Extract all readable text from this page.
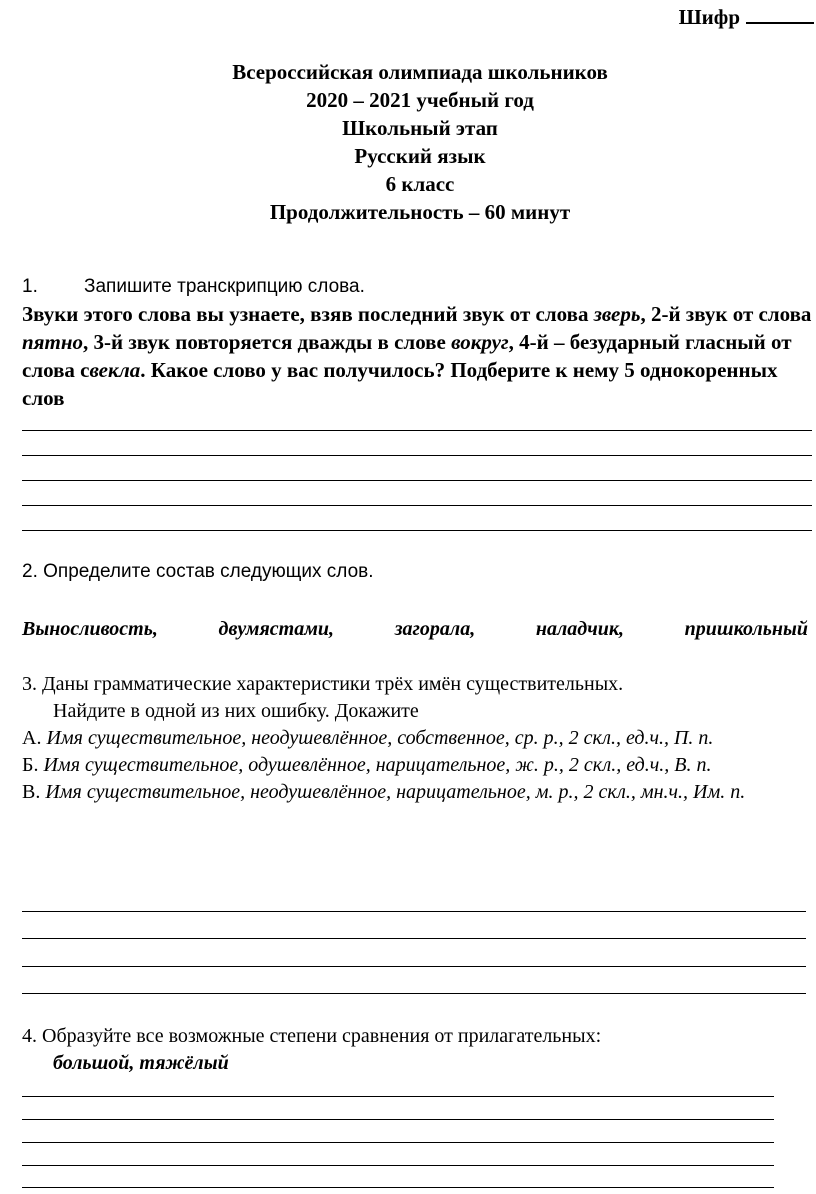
Шифр
Всероссийская олимпиада школьников
2020 – 2021 учебный год
Школьный этап
Русский язык
6 класс
Продолжительность – 60 минут
1. Запишите транскрипцию слова.
Звуки этого слова вы узнаете, взяв последний звук от слова зверь, 2-й звук от слова пятно, 3-й звук повторяется дважды в слове вокруг, 4-й – безударный гласный от слова свекла. Какое слово у вас получилось? Подберите к нему 5 однокоренных слов
2. Определите состав следующих слов.
Выносливость,	двумястами,	загорала,	наладчик,	пришкольный
3. Даны грамматические характеристики трёх имён существительных.
Найдите в одной из них ошибку. Докажите
А. Имя существительное, неодушевлённое, собственное, ср. р., 2 скл., ед.ч., П. п.
Б. Имя существительное, одушевлённое, нарицательное, ж. р., 2 скл., ед.ч., В. п.
В. Имя существительное, неодушевлённое, нарицательное, м. р., 2 скл., мн.ч., Им. п.
4. Образуйте все возможные степени сравнения от прилагательных:
большой, тяжёлый
